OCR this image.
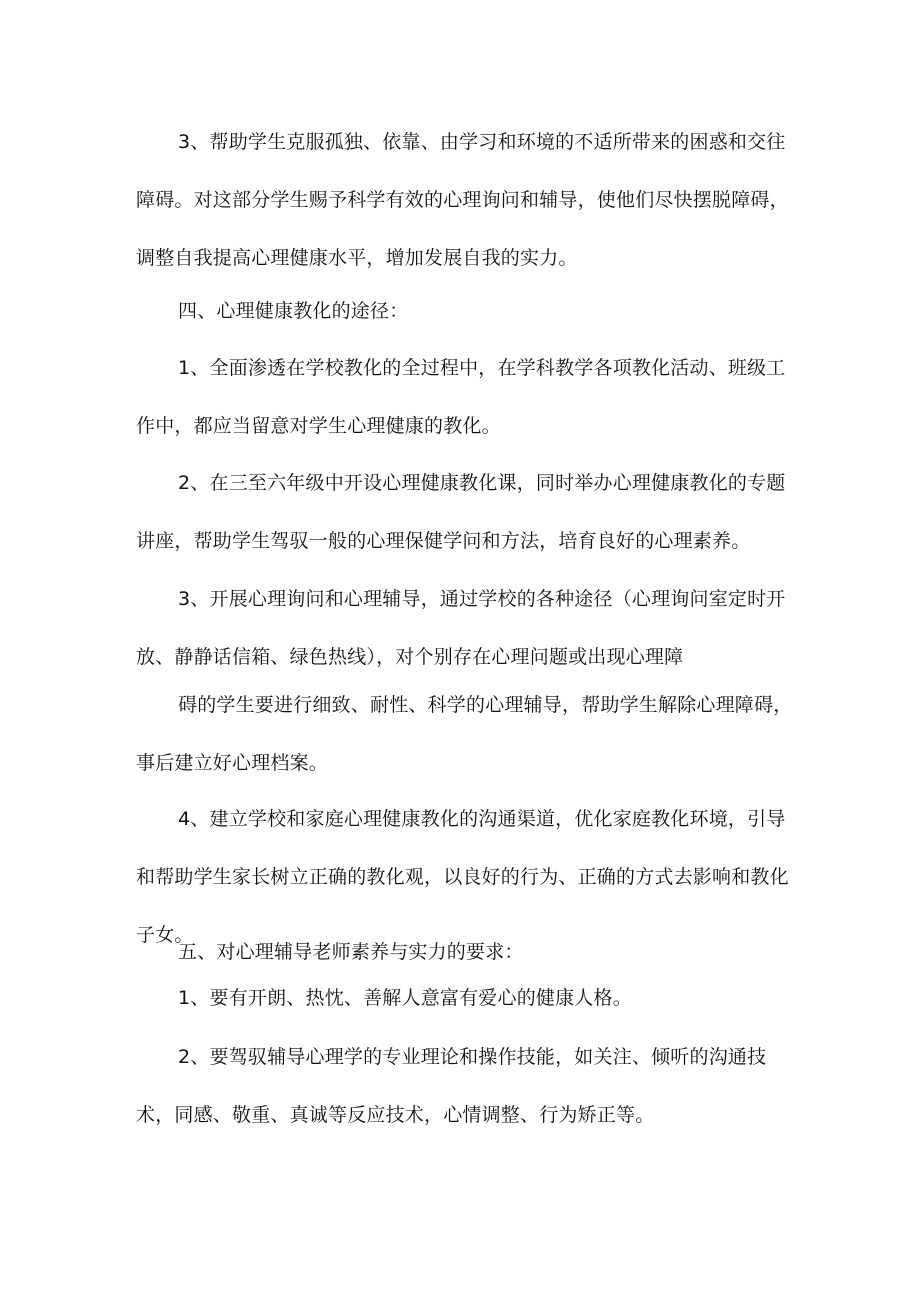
3、帮助学生克服孤独、依靠、由学习和环境的不适所带来的困惑和交往障碍。对这部分学生赐予科学有效的心理询问和辅导，使他们尽快摆脱障碍，调整自我提高心理健康水平，增加发展自我的实力。

四、心理健康教化的途径：

1、全面渗透在学校教化的全过程中，在学科教学各项教化活动、班级工作中，都应当留意对学生心理健康的教化。

2、在三至六年级中开设心理健康教化课，同时举办心理健康教化的专题讲座，帮助学生驾驭一般的心理保健学问和方法，培育良好的心理素养。

3、开展心理询问和心理辅导，通过学校的各种途径（心理询问室定时开放、静静话信箱、绿色热线），对个别存在心理问题或出现心理障

碍的学生要进行细致、耐性、科学的心理辅导，帮助学生解除心理障碍，事后建立好心理档案。

4、建立学校和家庭心理健康教化的沟通渠道，优化家庭教化环境，引导和帮助学生家长树立正确的教化观，以良好的行为、正确的方式去影响和教化子女。

五、对心理辅导老师素养与实力的要求：

1、要有开朗、热忱、善解人意富有爱心的健康人格。

2、要驾驭辅导心理学的专业理论和操作技能，如关注、倾听的沟通技术，同感、敬重、真诚等反应技术，心情调整、行为矫正等。
